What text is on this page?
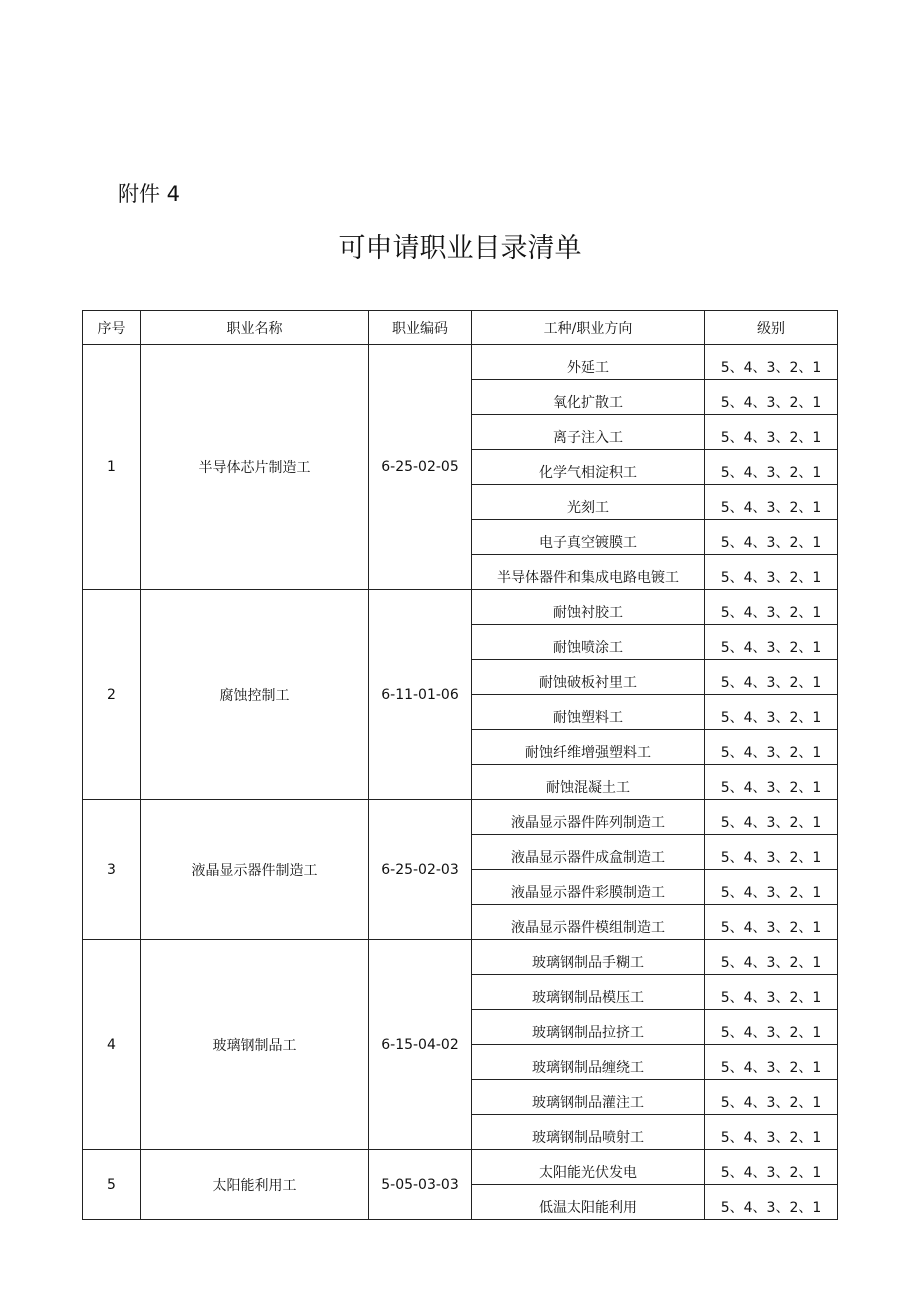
附件 4
可申请职业目录清单
序号	职业名称	职业编码	工种/职业方向	级别
1	半导体芯片制造工	6-25-02-05	外延工	5、4、3、2、1
			氧化扩散工	5、4、3、2、1
			离子注入工	5、4、3、2、1
			化学气相淀积工	5、4、3、2、1
			光刻工	5、4、3、2、1
			电子真空镀膜工	5、4、3、2、1
			半导体器件和集成电路电镀工	5、4、3、2、1
2	腐蚀控制工	6-11-01-06	耐蚀衬胶工	5、4、3、2、1
			耐蚀喷涂工	5、4、3、2、1
			耐蚀破板衬里工	5、4、3、2、1
			耐蚀塑料工	5、4、3、2、1
			耐蚀纤维增强塑料工	5、4、3、2、1
			耐蚀混凝土工	5、4、3、2、1
3	液晶显示器件制造工	6-25-02-03	液晶显示器件阵列制造工	5、4、3、2、1
			液晶显示器件成盒制造工	5、4、3、2、1
			液晶显示器件彩膜制造工	5、4、3、2、1
			液晶显示器件模组制造工	5、4、3、2、1
4	玻璃钢制品工	6-15-04-02	玻璃钢制品手糊工	5、4、3、2、1
			玻璃钢制品模压工	5、4、3、2、1
			玻璃钢制品拉挤工	5、4、3、2、1
			玻璃钢制品缠绕工	5、4、3、2、1
			玻璃钢制品灌注工	5、4、3、2、1
			玻璃钢制品喷射工	5、4、3、2、1
5	太阳能利用工	5-05-03-03	太阳能光伏发电	5、4、3、2、1
			低温太阳能利用	5、4、3、2、1
